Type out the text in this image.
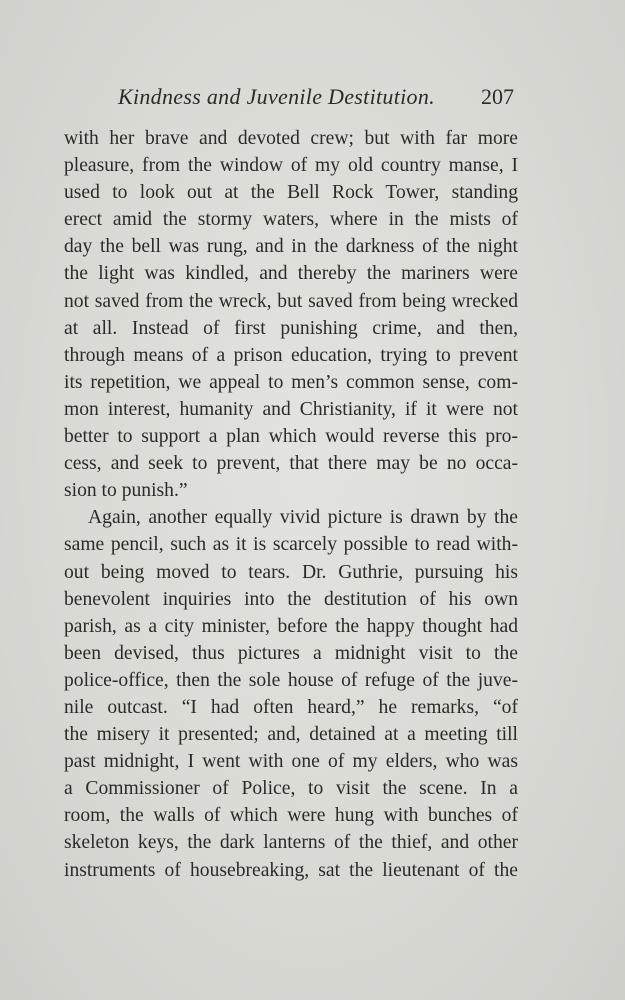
Kindness and Juvenile Destitution. 207
with her brave and devoted crew; but with far more
pleasure, from the window of my old country manse, I
used to look out at the Bell Rock Tower, standing
erect amid the stormy waters, where in the mists of
day the bell was rung, and in the darkness of the night
the light was kindled, and thereby the mariners were
not saved from the wreck, but saved from being wrecked
at all. Instead of first punishing crime, and then,
through means of a prison education, trying to prevent
its repetition, we appeal to men’s common sense, com-
mon interest, humanity and Christianity, if it were not
better to support a plan which would reverse this pro-
cess, and seek to prevent, that there may be no occa-
sion to punish.”
Again, another equally vivid picture is drawn by the
same pencil, such as it is scarcely possible to read with-
out being moved to tears. Dr. Guthrie, pursuing his
benevolent inquiries into the destitution of his own
parish, as a city minister, before the happy thought had
been devised, thus pictures a midnight visit to the
police-office, then the sole house of refuge of the juve-
nile outcast. “I had often heard,” he remarks, “of
the misery it presented; and, detained at a meeting till
past midnight, I went with one of my elders, who was
a Commissioner of Police, to visit the scene. In a
room, the walls of which were hung with bunches of
skeleton keys, the dark lanterns of the thief, and other
instruments of housebreaking, sat the lieutenant of the
